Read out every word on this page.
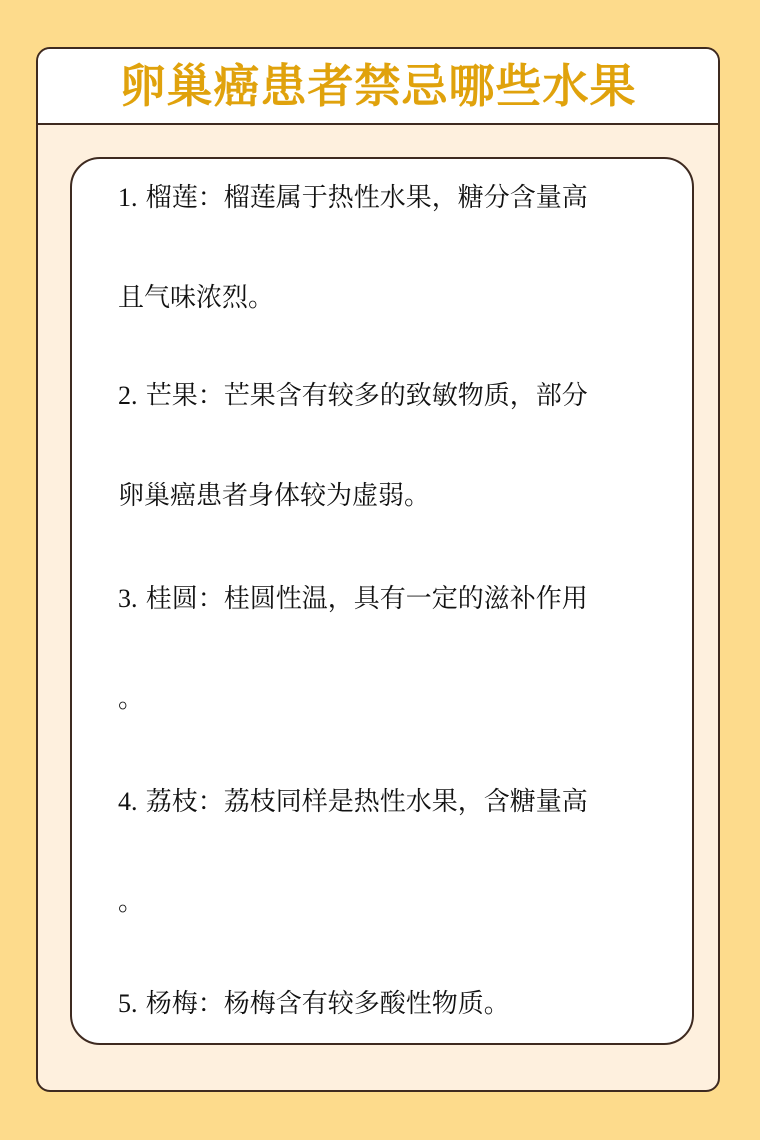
卵巢癌患者禁忌哪些水果
1. 榴莲：榴莲属于热性水果，糖分含量高
且气味浓烈。
2. 芒果：芒果含有较多的致敏物质，部分
卵巢癌患者身体较为虚弱。
3. 桂圆：桂圆性温，具有一定的滋补作用
。
4. 荔枝：荔枝同样是热性水果，含糖量高
。
5. 杨梅：杨梅含有较多酸性物质。
